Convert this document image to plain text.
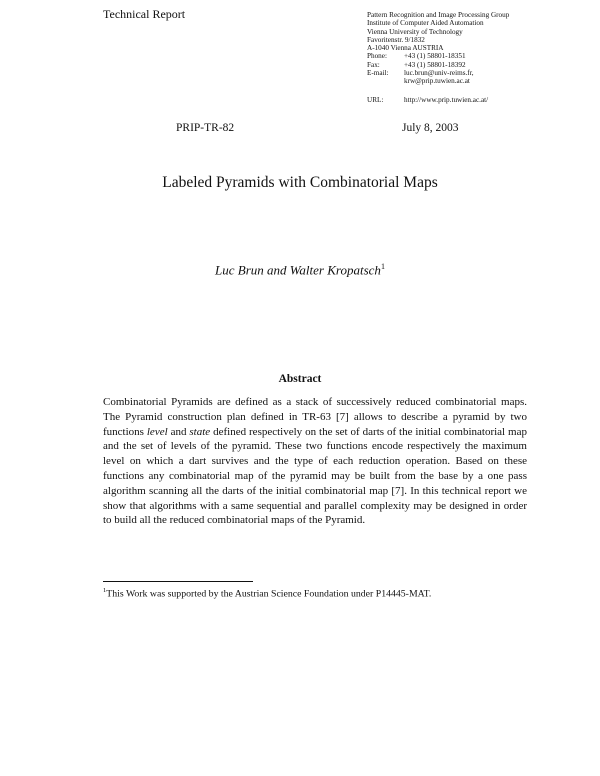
Technical Report	Pattern Recognition and Image Processing Group
Institute of Computer Aided Automation
Vienna University of Technology
Favoritenstr. 9/1832
A-1040 Vienna AUSTRIA
Phone:	+43 (1) 58801-18351
Fax:	+43 (1) 58801-18392
E-mail:	luc.brun@univ-reims.fr,
krw@prip.tuwien.ac.at
URL:	http://www.prip.tuwien.ac.at/
PRIP-TR-82	July 8, 2003
Labeled Pyramids with Combinatorial Maps
Luc Brun and Walter Kropatsch$^1$
Abstract
Combinatorial Pyramids are defined as a stack of successively reduced combinatorial maps. The Pyramid construction plan defined in TR-63 [7] allows to describe a pyramid by two functions level and state defined respectively on the set of darts of the initial combinatorial map and the set of levels of the pyramid. These two functions encode respectively the maximum level on which a dart survives and the type of each reduction operation. Based on these functions any combinatorial map of the pyramid may be built from the base by a one pass algorithm scanning all the darts of the initial combinatorial map [7]. In this technical report we show that algorithms with a same sequential and parallel complexity may be designed in order to build all the reduced combinatorial maps of the Pyramid.
$^1$This Work was supported by the Austrian Science Foundation under P14445-MAT.
